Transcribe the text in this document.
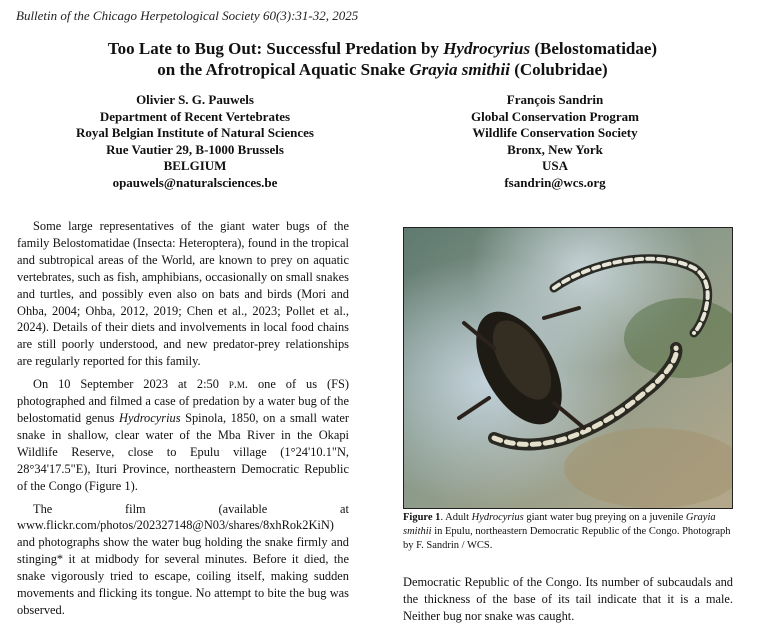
Bulletin of the Chicago Herpetological Society 60(3):31-32, 2025
Too Late to Bug Out: Successful Predation by Hydrocyrius (Belostomatidae)
on the Afrotropical Aquatic Snake Grayia smithii (Colubridae)
Olivier S. G. Pauwels
Department of Recent Vertebrates
Royal Belgian Institute of Natural Sciences
Rue Vautier 29, B-1000 Brussels
BELGIUM
opauwels@naturalsciences.be
François Sandrin
Global Conservation Program
Wildlife Conservation Society
Bronx, New York
USA
fsandrin@wcs.org

Some large representatives of the giant water bugs of the family Belostomatidae (Insecta: Heteroptera), found in the tropical and subtropical areas of the World, are known to prey on aquatic vertebrates, such as fish, amphibians, occasionally on small snakes and turtles, and possibly even also on bats and birds (Mori and Ohba, 2004; Ohba, 2012, 2019; Chen et al., 2023; Pollet et al., 2024). Details of their diets and involvements in local food chains are still poorly understood, and new predator-prey relationships are regularly reported for this family.

On 10 September 2023 at 2:50 p.m. one of us (FS) photographed and filmed a case of predation by a water bug of the belostomatid genus Hydrocyrius Spinola, 1850, on a small water snake in shallow, clear water of the Mba River in the Okapi Wildlife Reserve, close to Epulu village (1°24'10.1"N, 28°34'17.5"E), Ituri Province, northeastern Democratic Republic of the Congo (Figure 1).

The film (available at www.flickr.com/photos/202327148@N03/shares/8xhRok2KiN) and photographs show the water bug holding the snake firmly and stinging* it at midbody for several minutes. Before it died, the snake vigorously tried to escape, coiling itself, making sudden movements and flicking its tongue. No attempt to bite the bug was observed.

Figure 1. Adult Hydrocyrius giant water bug preying on a juvenile Grayia smithii in Epulu, northeastern Democratic Republic of the Congo. Photograph by F. Sandrin / WCS.

Democratic Republic of the Congo. Its number of subcaudals and the thickness of the base of its tail indicate that it is a male. Neither bug nor snake was caught.
